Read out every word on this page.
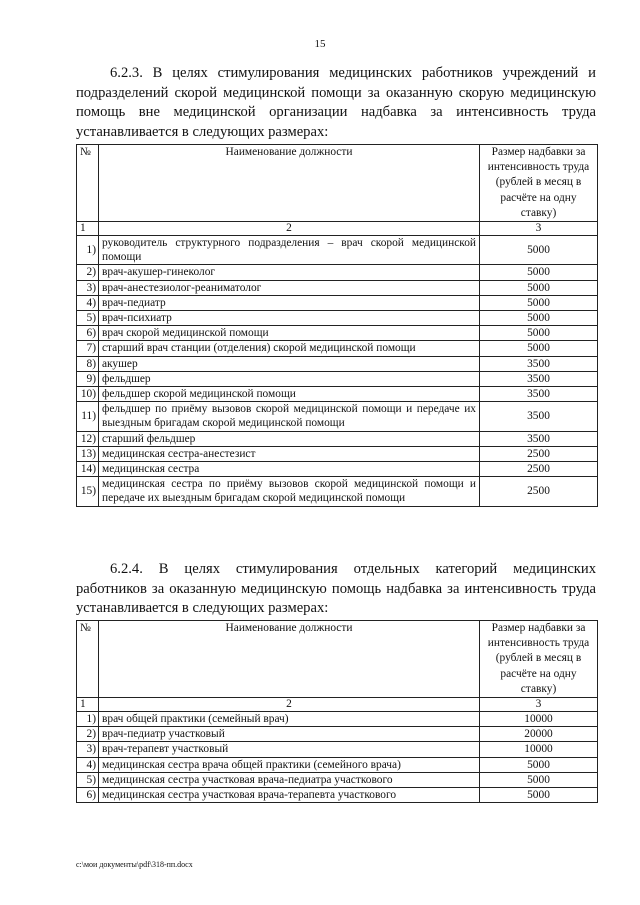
15

6.2.3. В целях стимулирования медицинских работников учреждений и подразделений скорой медицинской помощи за оказанную скорую медицинскую помощь вне медицинской организации надбавка за интенсивность труда устанавливается в следующих размерах:

№	Наименование должности	Размер надбавки за интенсивность труда (рублей в месяц в расчёте на одну ставку)
1	2	3
1)	руководитель структурного подразделения – врач скорой медицинской помощи	5000
2)	врач-акушер-гинеколог	5000
3)	врач-анестезиолог-реаниматолог	5000
4)	врач-педиатр	5000
5)	врач-психиатр	5000
6)	врач скорой медицинской помощи	5000
7)	старший врач станции (отделения) скорой медицинской помощи	5000
8)	акушер	3500
9)	фельдшер	3500
10)	фельдшер скорой медицинской помощи	3500
11)	фельдшер по приёму вызовов скорой медицинской помощи и передаче их выездным бригадам скорой медицинской помощи	3500
12)	старший фельдшер	3500
13)	медицинская сестра-анестезист	2500
14)	медицинская сестра	2500
15)	медицинская сестра по приёму вызовов скорой медицинской помощи и передаче их выездным бригадам скорой медицинской помощи	2500

6.2.4. В целях стимулирования отдельных категорий медицинских работников за оказанную медицинскую помощь надбавка за интенсивность труда устанавливается в следующих размерах:

№	Наименование должности	Размер надбавки за интенсивность труда (рублей в месяц в расчёте на одну ставку)
1	2	3
1)	врач общей практики (семейный врач)	10000
2)	врач-педиатр участковый	20000
3)	врач-терапевт участковый	10000
4)	медицинская сестра врача общей практики (семейного врача)	5000
5)	медицинская сестра участковая врача-педиатра участкового	5000
6)	медицинская сестра участковая врача-терапевта участкового	5000
c:\мои документы\pdf\318-пп.docx
